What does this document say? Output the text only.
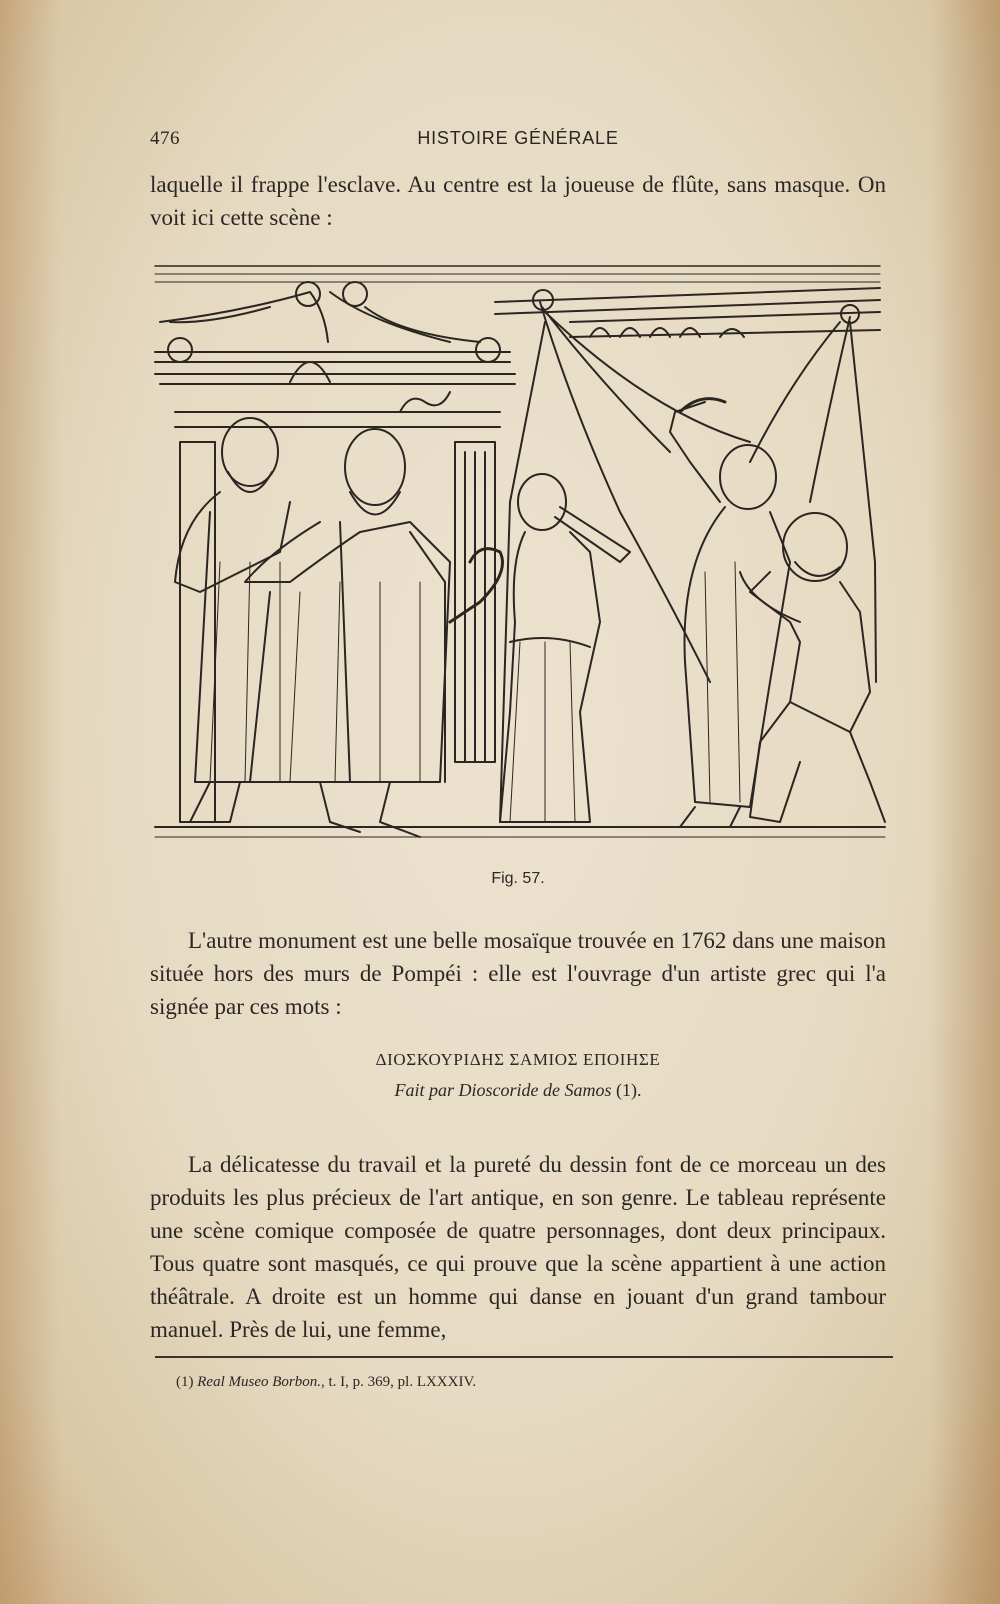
476	HISTOIRE GÉNÉRALE

laquelle il frappe l'esclave. Au centre est la joueuse de flûte, sans masque. On voit ici cette scène :

Fig. 57.

L'autre monument est une belle mosaïque trouvée en 1762 dans une maison située hors des murs de Pompéi : elle est l'ouvrage d'un artiste grec qui l'a signée par ces mots :

ΔΙΟΣΚΟΥΡΙΔΗΣ ΣΑΜΙΟΣ ΕΠΟΙΗΣΕ
Fait par Dioscoride de Samos (1).

La délicatesse du travail et la pureté du dessin font de ce morceau un des produits les plus précieux de l'art antique, en son genre. Le tableau représente une scène comique composée de quatre personnages, dont deux principaux. Tous quatre sont masqués, ce qui prouve que la scène appartient à une action théâtrale. A droite est un homme qui danse en jouant d'un grand tambour manuel. Près de lui, une femme,

(1) Real Museo Borbon., t. I, p. 369, pl. LXXXIV.
